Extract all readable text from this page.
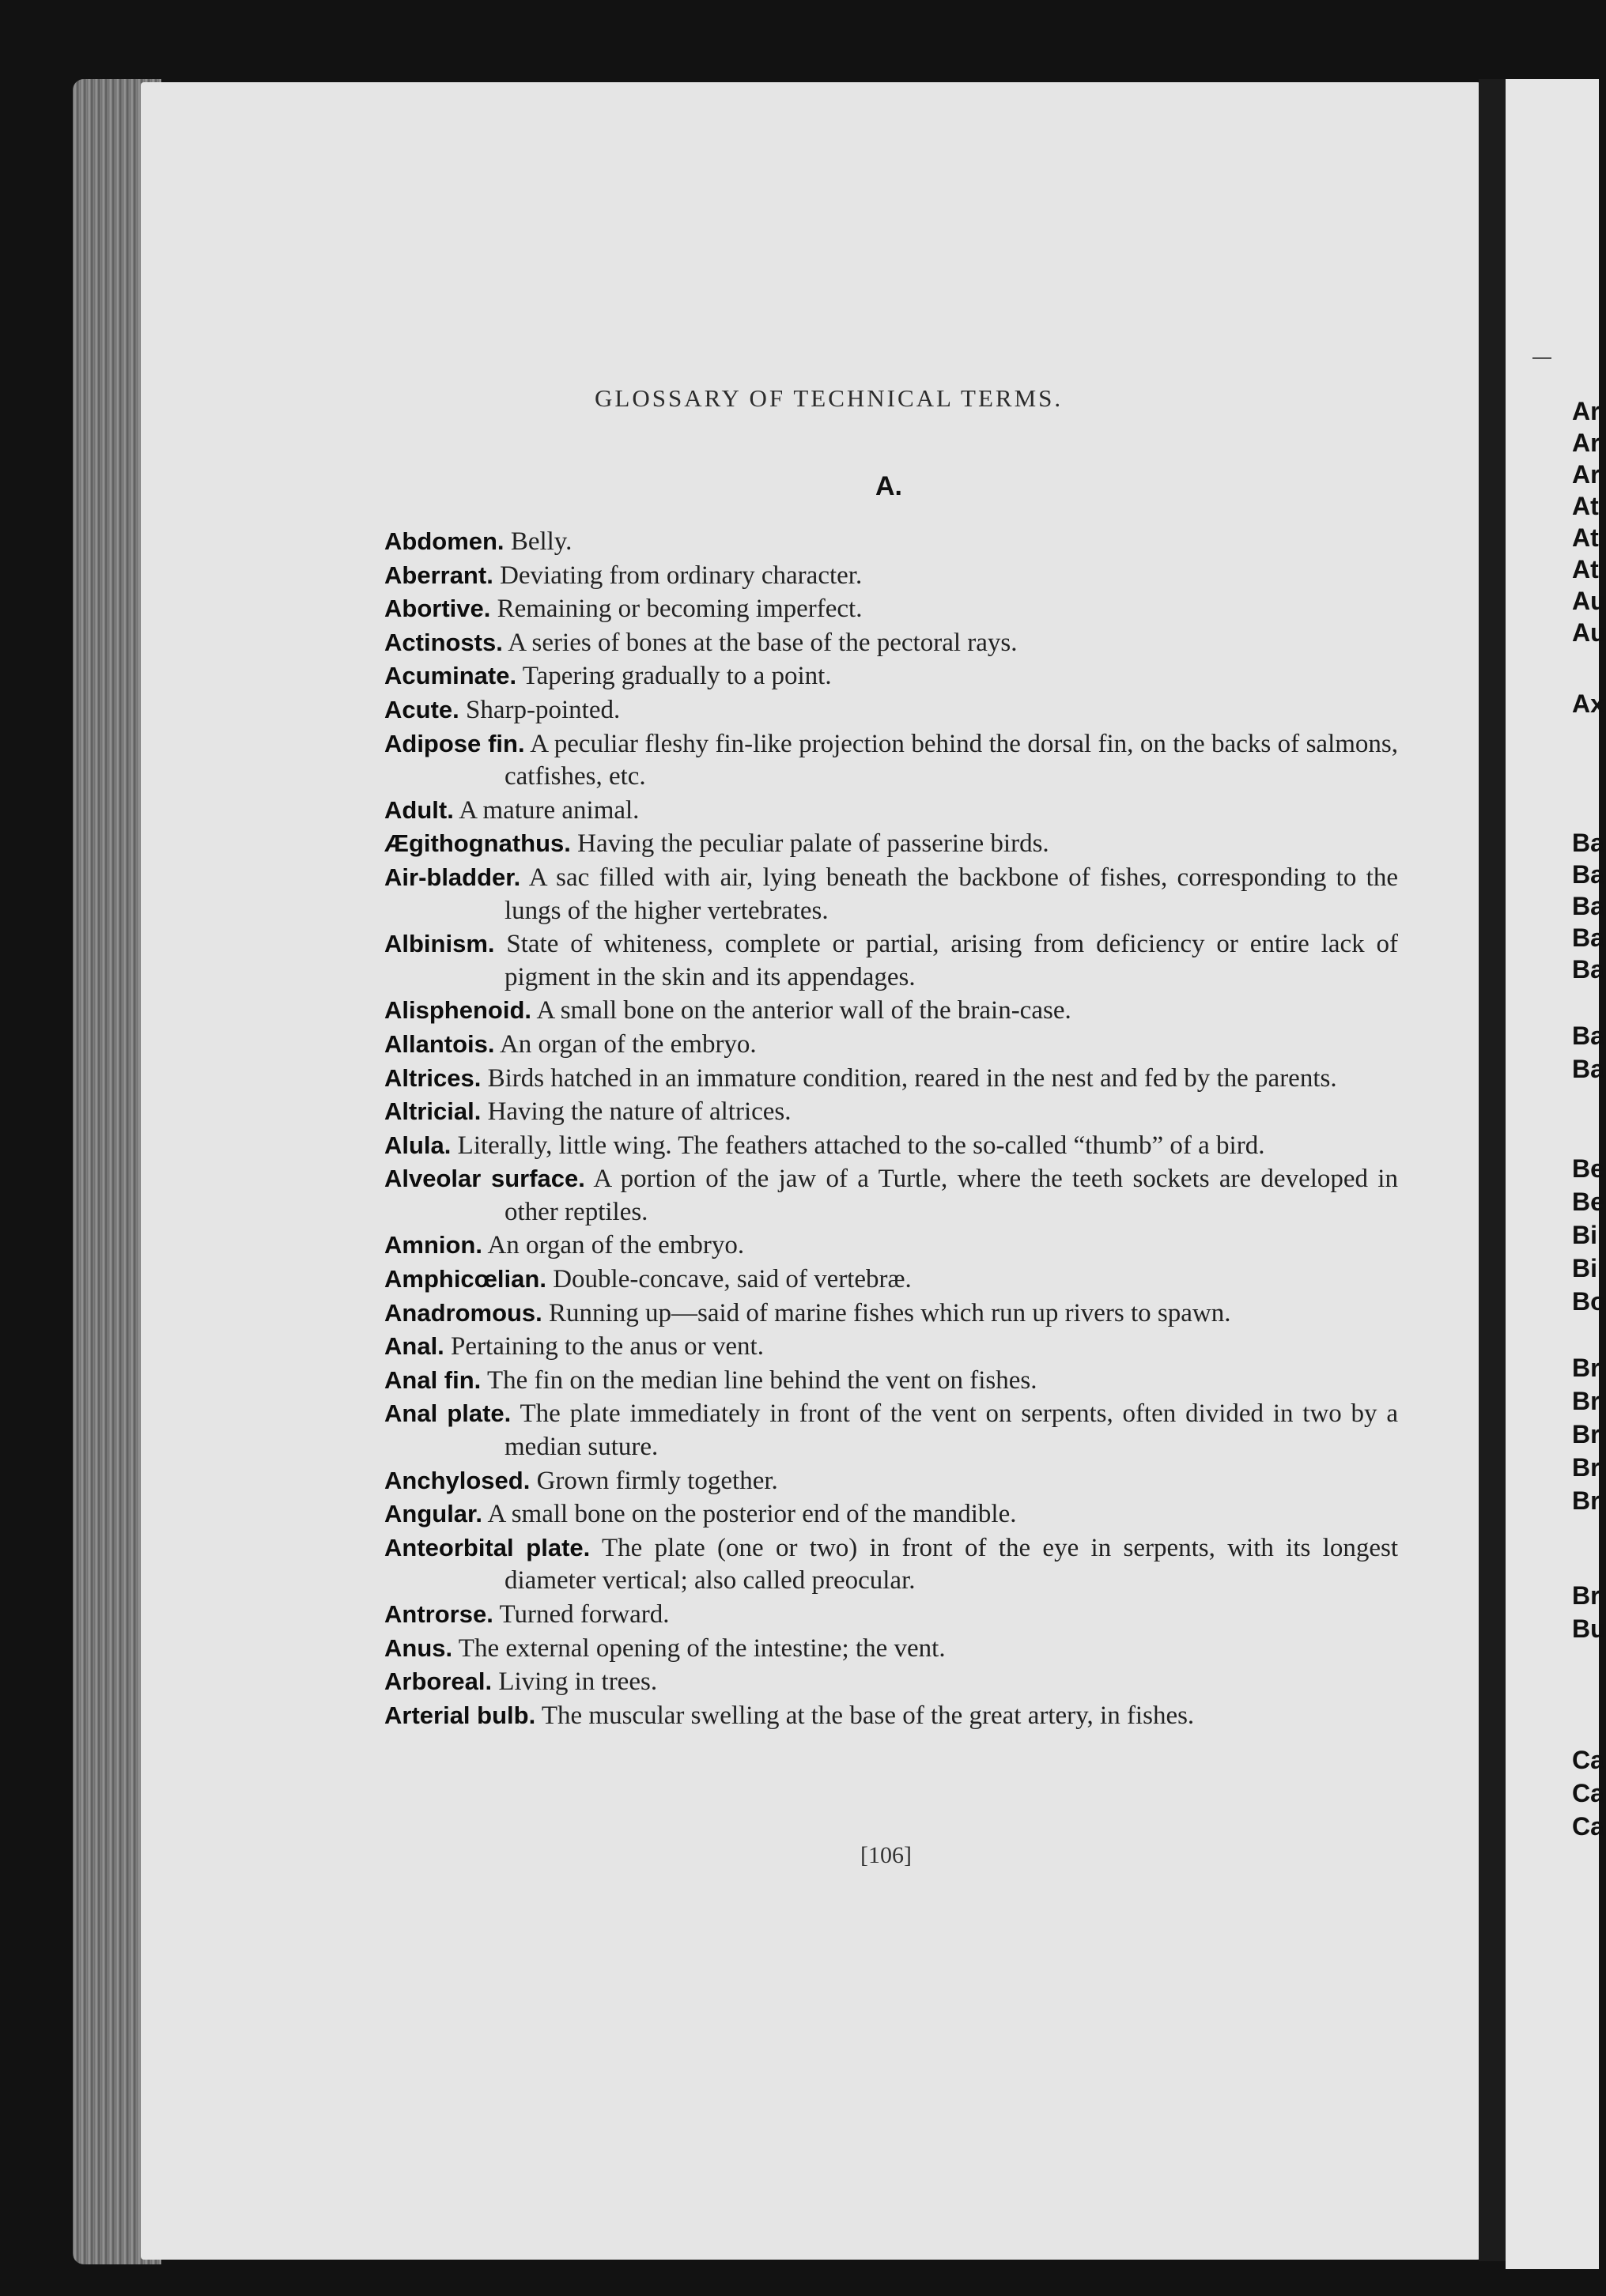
GLOSSARY OF TECHNICAL TERMS.
A.
Abdomen. Belly.
Aberrant. Deviating from ordinary character.
Abortive. Remaining or becoming imperfect.
Actinosts. A series of bones at the base of the pectoral rays.
Acuminate. Tapering gradually to a point.
Acute. Sharp-pointed.
Adipose fin. A peculiar fleshy fin-like projection behind the dorsal fin, on the backs of salmons, catfishes, etc.
Adult. A mature animal.
Ægithognathus. Having the peculiar palate of passerine birds.
Air-bladder. A sac filled with air, lying beneath the backbone of fishes, corresponding to the lungs of the higher vertebrates.
Albinism. State of whiteness, complete or partial, arising from deficiency or entire lack of pigment in the skin and its appendages.
Alisphenoid. A small bone on the anterior wall of the brain-case.
Allantois. An organ of the embryo.
Altrices. Birds hatched in an immature condition, reared in the nest and fed by the parents.
Altricial. Having the nature of altrices.
Alula. Literally, little wing. The feathers attached to the so-called “thumb” of a bird.
Alveolar surface. A portion of the jaw of a Turtle, where the teeth sockets are developed in other reptiles.
Amnion. An organ of the embryo.
Amphicœlian. Double-concave, said of vertebræ.
Anadromous. Running up—said of marine fishes which run up rivers to spawn.
Anal. Pertaining to the anus or vent.
Anal fin. The fin on the median line behind the vent on fishes.
Anal plate. The plate immediately in front of the vent on serpents, often divided in two by a median suture.
Anchylosed. Grown firmly together.
Angular. A small bone on the posterior end of the mandible.
Anteorbital plate. The plate (one or two) in front of the eye in serpents, with its longest diameter vertical; also called preocular.
Antrorse. Turned forward.
Anus. The external opening of the intestine; the vent.
Arboreal. Living in trees.
Arterial bulb. The muscular swelling at the base of the great artery, in fishes.
[106]
Ar
Ar
Ar
At
At
At
Au
Au
Ax
Ba
Ba
Ba
Ba
Ba
Ba
Ba
Be
Be
Bi
Bi
Bo
Br
Br
Br
Br
Br
Br
Bu
Ca
Ca
Ca
